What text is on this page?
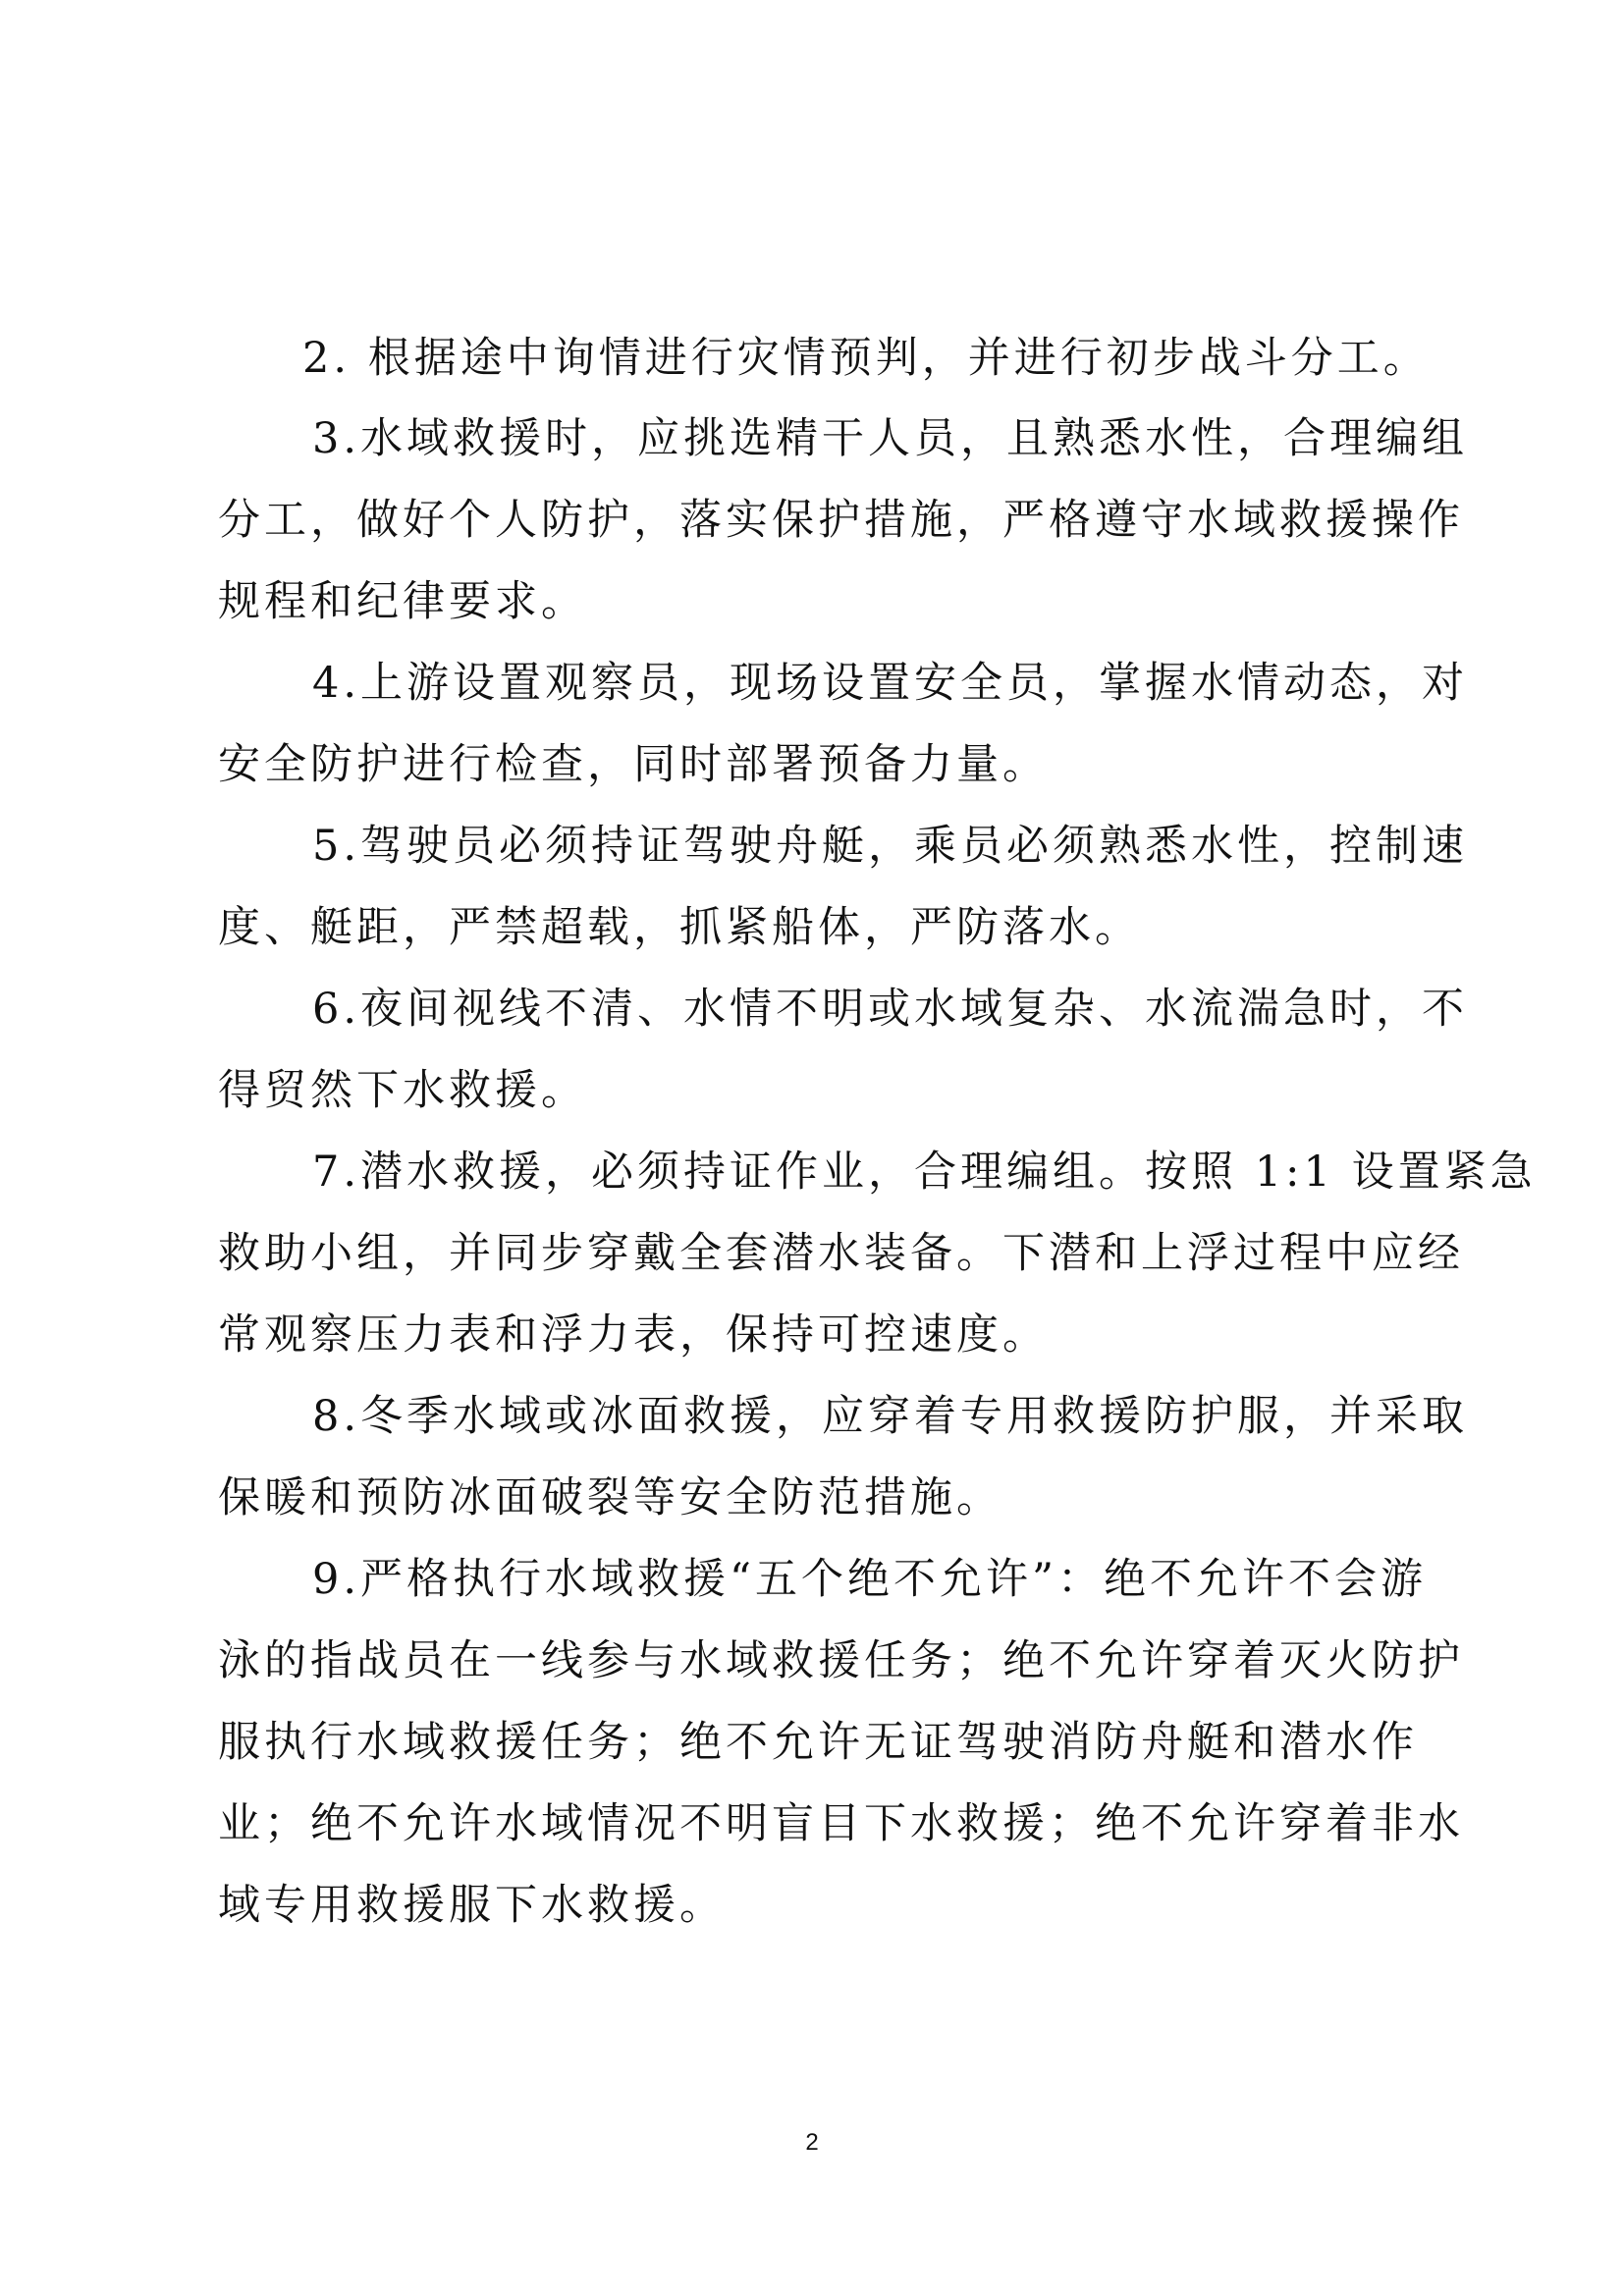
2. 根据途中询情进行灾情预判，并进行初步战斗分工。
3.水域救援时，应挑选精干人员，且熟悉水性，合理编组
分工，做好个人防护，落实保护措施，严格遵守水域救援操作
规程和纪律要求。
4.上游设置观察员，现场设置安全员，掌握水情动态，对
安全防护进行检查，同时部署预备力量。
5.驾驶员必须持证驾驶舟艇，乘员必须熟悉水性，控制速
度、艇距，严禁超载，抓紧船体，严防落水。
6.夜间视线不清、水情不明或水域复杂、水流湍急时，不
得贸然下水救援。
7.潜水救援，必须持证作业，合理编组。按照 1:1 设置紧急
救助小组，并同步穿戴全套潜水装备。下潜和上浮过程中应经
常观察压力表和浮力表，保持可控速度。
8.冬季水域或冰面救援，应穿着专用救援防护服，并采取
保暖和预防冰面破裂等安全防范措施。
9.严格执行水域救援“五个绝不允许”：绝不允许不会游
泳的指战员在一线参与水域救援任务；绝不允许穿着灭火防护
服执行水域救援任务；绝不允许无证驾驶消防舟艇和潜水作
业；绝不允许水域情况不明盲目下水救援；绝不允许穿着非水
域专用救援服下水救援。
2
